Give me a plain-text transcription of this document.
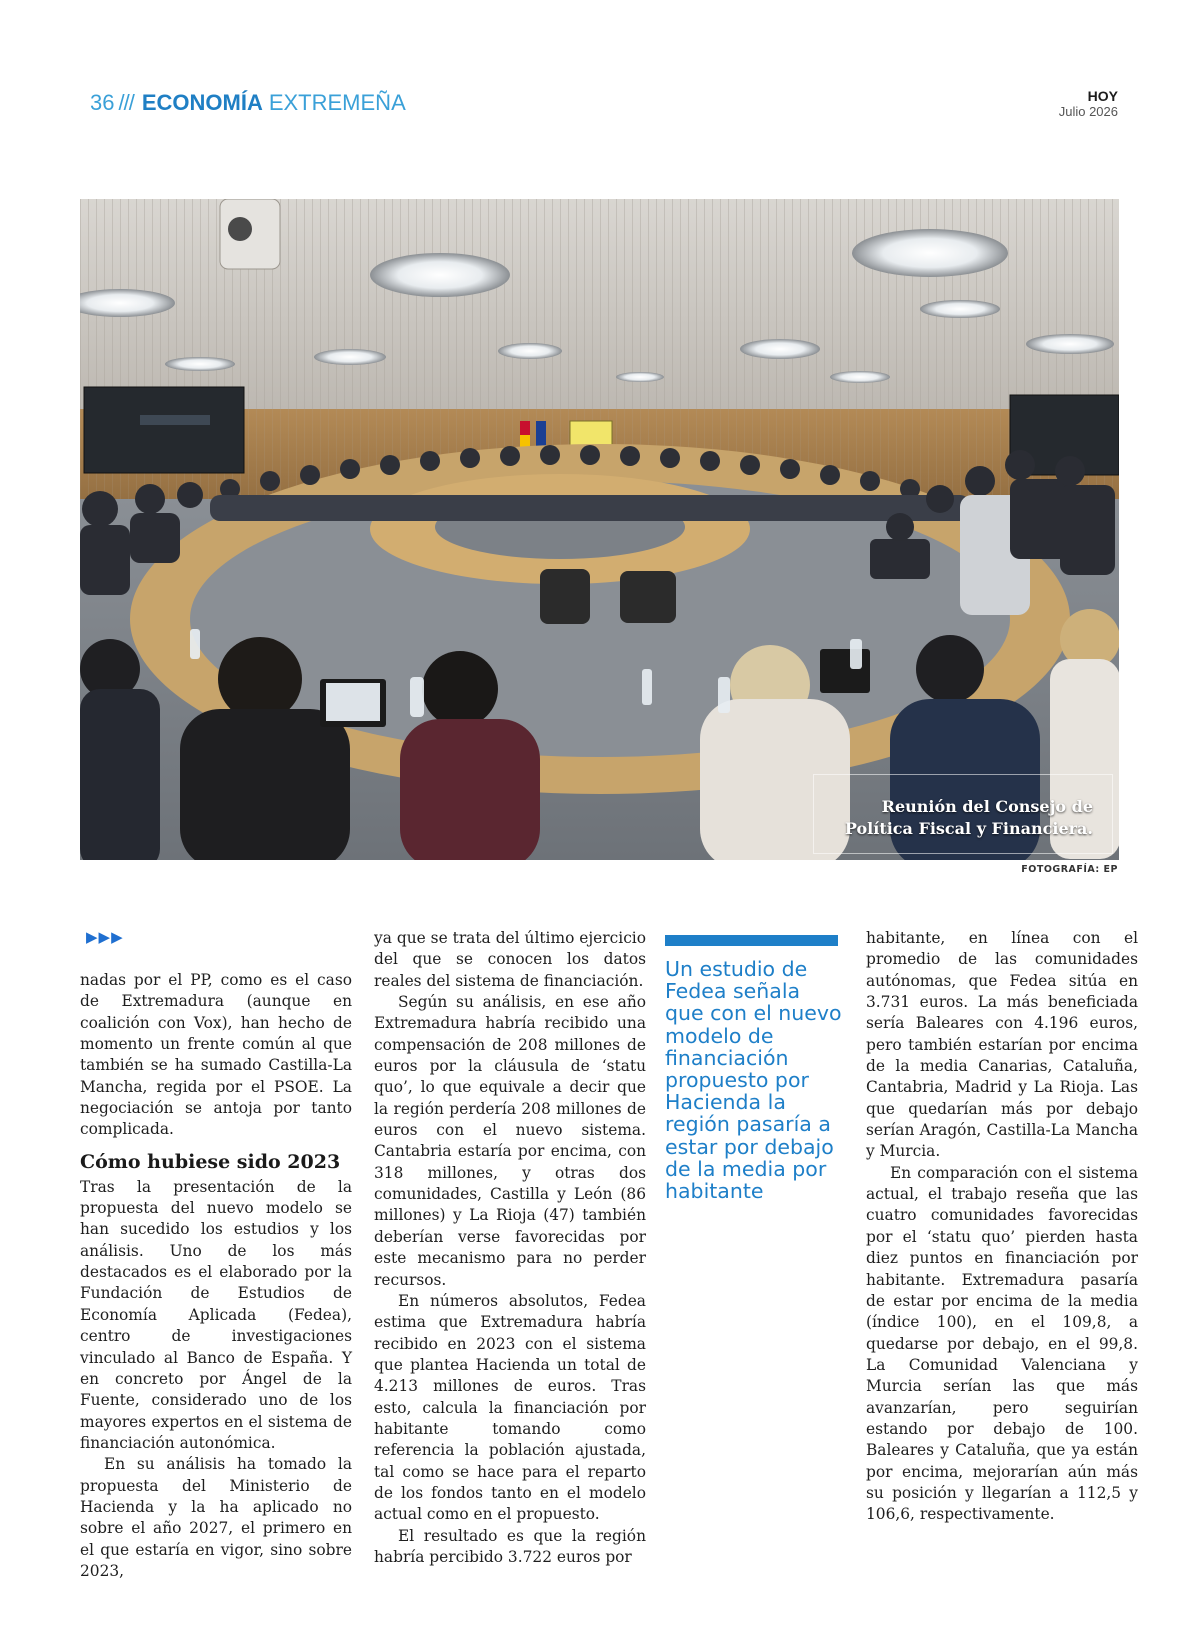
36 /// ECONOMÍA EXTREMEÑA	HOY
Julio 2026
Reunión del Consejo de
Política Fiscal y Financiera.
FOTOGRAFÍA: EP
▶▶▶

nadas por el PP, como es el caso de Extremadura (aunque en coalición con Vox), han hecho de momento un frente común al que también se ha sumado Castilla-La Mancha, regida por el PSOE. La negociación se antoja por tanto complicada.

Cómo hubiese sido 2023

Tras la presentación de la propuesta del nuevo modelo se han sucedido los estudios y los análisis. Uno de los más destacados es el elaborado por la Fundación de Estudios de Economía Aplicada (Fedea), centro de investigaciones vinculado al Banco de España. Y en concreto por Ángel de la Fuente, considerado uno de los mayores expertos en el sistema de financiación autonómica.

En su análisis ha tomado la propuesta del Ministerio de Hacienda y la ha aplicado no sobre el año 2027, el primero en el que estaría en vigor, sino sobre 2023,

ya que se trata del último ejercicio del que se conocen los datos reales del sistema de financiación.

Según su análisis, en ese año Extremadura habría recibido una compensación de 208 millones de euros por la cláusula de ‘statu quo’, lo que equivale a decir que la región perdería 208 millones de euros con el nuevo sistema. Cantabria estaría por encima, con 318 millones, y otras dos comunidades, Castilla y León (86 millones) y La Rioja (47) también deberían verse favorecidas por este mecanismo para no perder recursos.

En números absolutos, Fedea estima que Extremadura habría recibido en 2023 con el sistema que plantea Hacienda un total de 4.213 millones de euros. Tras esto, calcula la financiación por habitante tomando como referencia la población ajustada, tal como se hace para el reparto de los fondos tanto en el modelo actual como en el propuesto.

El resultado es que la región habría percibido 3.722 euros por

Un estudio de Fedea señala que con el nuevo modelo de financiación propuesto por Hacienda la región pasaría a estar por debajo de la media por habitante

habitante, en línea con el promedio de las comunidades autónomas, que Fedea sitúa en 3.731 euros. La más beneficiada sería Baleares con 4.196 euros, pero también estarían por encima de la media Canarias, Cataluña, Cantabria, Madrid y La Rioja. Las que quedarían más por debajo serían Aragón, Castilla-La Mancha y Murcia.

En comparación con el sistema actual, el trabajo reseña que las cuatro comunidades favorecidas por el ‘statu quo’ pierden hasta diez puntos en financiación por habitante. Extremadura pasaría de estar por encima de la media (índice 100), en el 109,8, a quedarse por debajo, en el 99,8. La Comunidad Valenciana y Murcia serían las que más avanzarían, pero seguirían estando por debajo de 100. Baleares y Cataluña, que ya están por encima, mejorarían aún más su posición y llegarían a 112,5 y 106,6, respectivamente.
